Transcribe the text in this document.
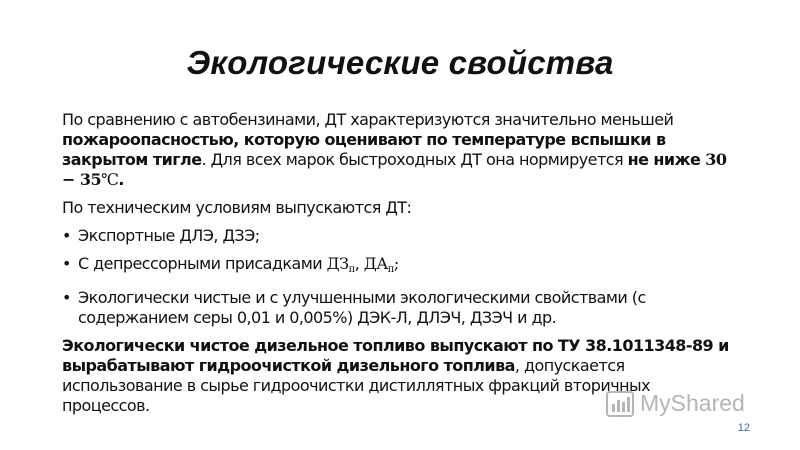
Экологические свойства

По сравнению с автобензинами, ДТ характеризуются значительно меньшей пожароопасностью, которую оценивают по температуре вспышки в закрытом тигле. Для всех марок быстроходных ДТ она нормируется не ниже 30 − 35℃.

По техническим условиям выпускаются ДТ:

• Экспортные ДЛЭ, ДЗЭ;
• С депрессорными присадками $ДЗ_п$, $ДА_п$;
• Экологически чистые и с улучшенными экологическими свойствами (с содержанием серы 0,01 и 0,005%) ДЭК-Л, ДЛЭЧ, ДЗЭЧ и др.

Экологически чистое дизельное топливо выпускают по ТУ 38.1011348-89 и вырабатывают гидроочисткой дизельного топлива, допускается использование в сырье гидроочистки дистиллятных фракций вторичных процессов.	MyShared
12
